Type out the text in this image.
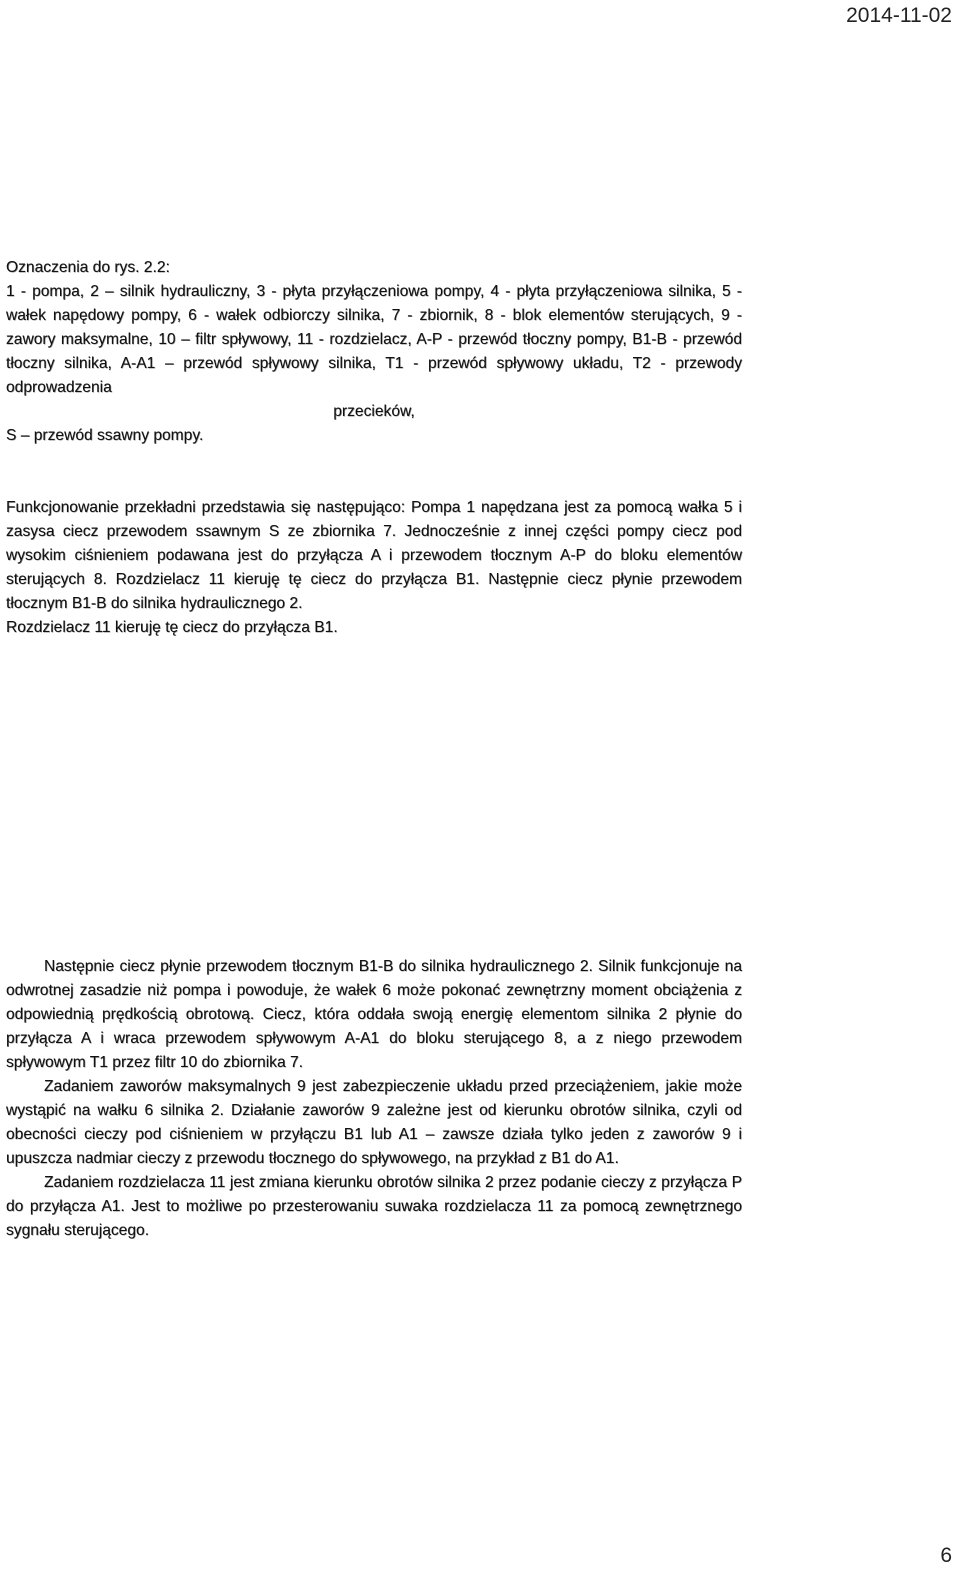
2014-11-02

Oznaczenia do rys. 2.2:

1 - pompa, 2 – silnik hydrauliczny, 3 - płyta przyłączeniowa pompy, 4 - płyta przyłączeniowa silnika, 5 - wałek napędowy pompy, 6 - wałek odbiorczy silnika, 7 - zbiornik, 8 - blok elementów sterujących, 9 - zawory maksymalne, 10 – filtr spływowy, 11 - rozdzielacz, A-P - przewód tłoczny pompy, B1-B - przewód tłoczny silnika, A-A1 – przewód spływowy silnika, T1 - przewód spływowy układu, T2 - przewody odprowadzenia

przecieków,

S – przewód ssawny pompy.

Funkcjonowanie przekładni przedstawia się następująco: Pompa 1 napędzana jest za pomocą wałka 5 i zasysa ciecz przewodem ssawnym S ze zbiornika 7. Jednocześnie z innej części pompy ciecz pod wysokim ciśnieniem podawana jest do przyłącza A i przewodem tłocznym A-P do bloku elementów sterujących 8. Rozdzielacz 11 kieruję tę ciecz do przyłącza B1. Następnie ciecz płynie przewodem tłocznym B1-B do silnika hydraulicznego 2.

Rozdzielacz 11 kieruję tę ciecz do przyłącza B1.

Następnie ciecz płynie przewodem tłocznym B1-B do silnika hydraulicznego 2. Silnik funkcjonuje na odwrotnej zasadzie niż pompa i powoduje, że wałek 6 może pokonać zewnętrzny moment obciążenia z odpowiednią prędkością obrotową. Ciecz, która oddała swoją energię elementom silnika 2 płynie do przyłącza A i wraca przewodem spływowym A-A1 do bloku sterującego 8, a z niego przewodem spływowym T1 przez filtr 10 do zbiornika 7.

Zadaniem zaworów maksymalnych 9 jest zabezpieczenie układu przed przeciążeniem, jakie może wystąpić na wałku 6 silnika 2. Działanie zaworów 9 zależne jest od kierunku obrotów silnika, czyli od obecności cieczy pod ciśnieniem w przyłączu B1 lub A1 – zawsze działa tylko jeden z zaworów 9 i upuszcza nadmiar cieczy z przewodu tłocznego do spływowego, na przykład z B1 do A1.

Zadaniem rozdzielacza 11 jest zmiana kierunku obrotów silnika 2 przez podanie cieczy z przyłącza P do przyłącza A1. Jest to możliwe po przesterowaniu suwaka rozdzielacza 11 za pomocą zewnętrznego sygnału sterującego.

6
